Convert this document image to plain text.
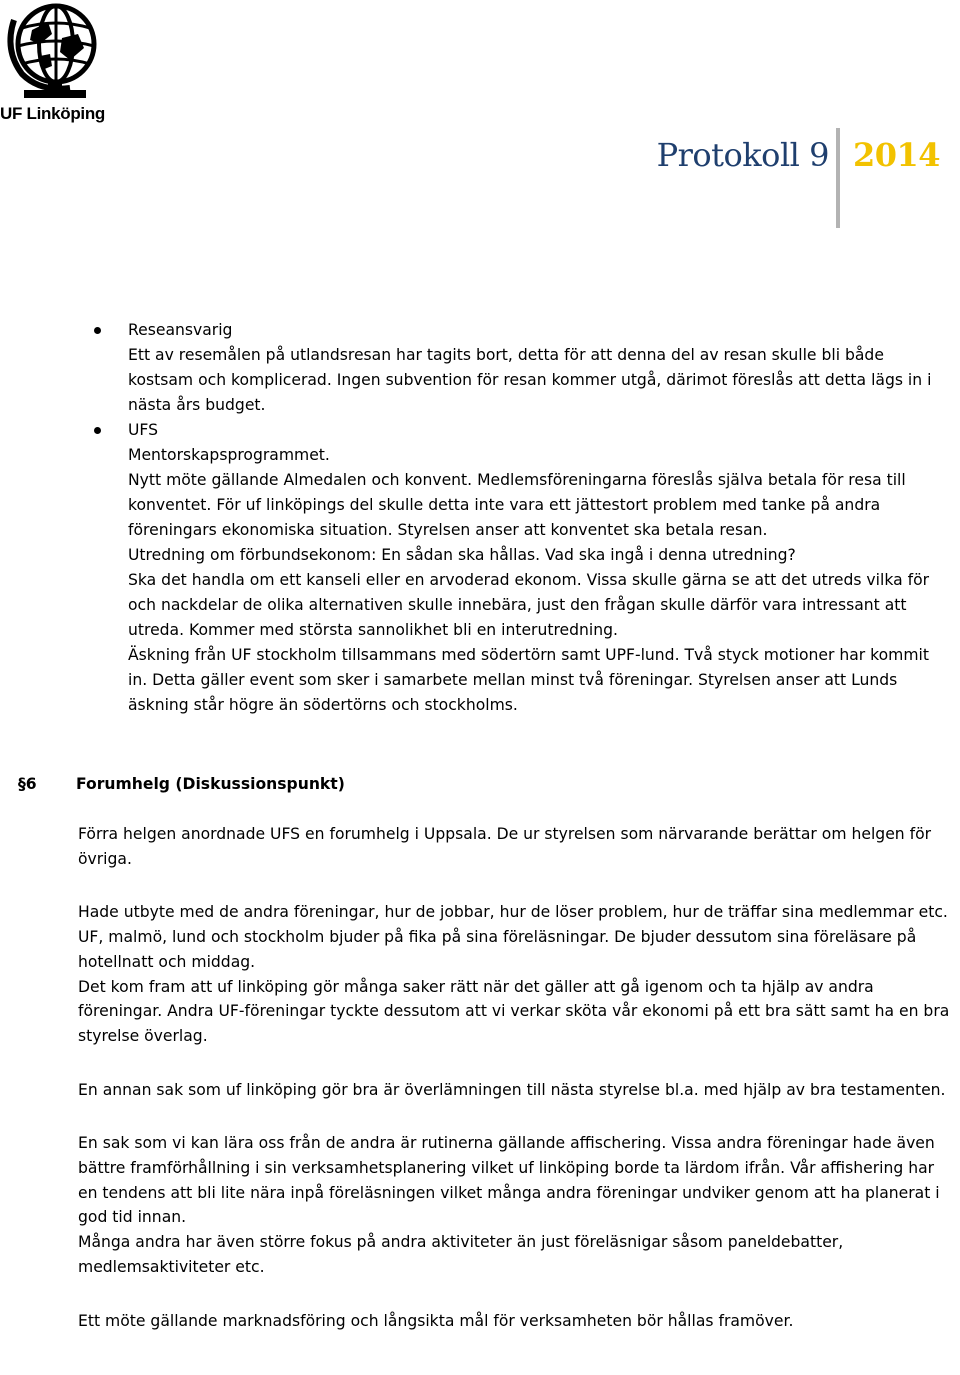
UF Linköping
Protokoll 9 2014

Reseansvarig

Ett av resemålen på utlandsresan har tagits bort, detta för att denna del av resan skulle bli både kostsam och komplicerad. Ingen subvention för resan kommer utgå, därimot föreslås att detta lägs in i nästa års budget.

UFS

Mentorskapsprogrammet.

Nytt möte gällande Almedalen och konvent. Medlemsföreningarna föreslås själva betala för resa till konventet. För uf linköpings del skulle detta inte vara ett jättestort problem med tanke på andra föreningars ekonomiska situation. Styrelsen anser att konventet ska betala resan.

Utredning om förbundsekonom: En sådan ska hållas. Vad ska ingå i denna utredning?

Ska det handla om ett kanseli eller en arvoderad ekonom. Vissa skulle gärna se att det utreds vilka för och nackdelar de olika alternativen skulle innebära, just den frågan skulle därför vara intressant att utreda. Kommer med största sannolikhet bli en interutredning.

Äskning från UF stockholm tillsammans med södertörn samt UPF-lund. Två styck motioner har kommit in. Detta gäller event som sker i samarbete mellan minst två föreningar. Styrelsen anser att Lunds äskning står högre än södertörns och stockholms.

§6	Forumhelg (Diskussionspunkt)

Förra helgen anordnade UFS en forumhelg i Uppsala. De ur styrelsen som närvarande berättar om helgen för övriga.

Hade utbyte med de andra föreningar, hur de jobbar, hur de löser problem, hur de träffar sina medlemmar etc.

UF, malmö, lund och stockholm bjuder på fika på sina föreläsningar. De bjuder dessutom sina föreläsare på hotellnatt och middag.

Det kom fram att uf linköping gör många saker rätt när det gäller att gå igenom och ta hjälp av andra föreningar. Andra UF-föreningar tyckte dessutom att vi verkar sköta vår ekonomi på ett bra sätt samt ha en bra styrelse överlag.

En annan sak som uf linköping gör bra är överlämningen till nästa styrelse bl.a. med hjälp av bra testamenten.

En sak som vi kan lära oss från de andra är rutinerna gällande affischering. Vissa andra föreningar hade även bättre framförhållning i sin verksamhetsplanering vilket uf linköping borde ta lärdom ifrån. Vår affishering har en tendens att bli lite nära inpå föreläsningen vilket många andra föreningar undviker genom att ha planerat i god tid innan.

Många andra har även större fokus på andra aktiviteter än just föreläsnigar såsom paneldebatter, medlemsaktiviteter etc.

Ett möte gällande marknadsföring och långsikta mål för verksamheten bör hållas framöver.
